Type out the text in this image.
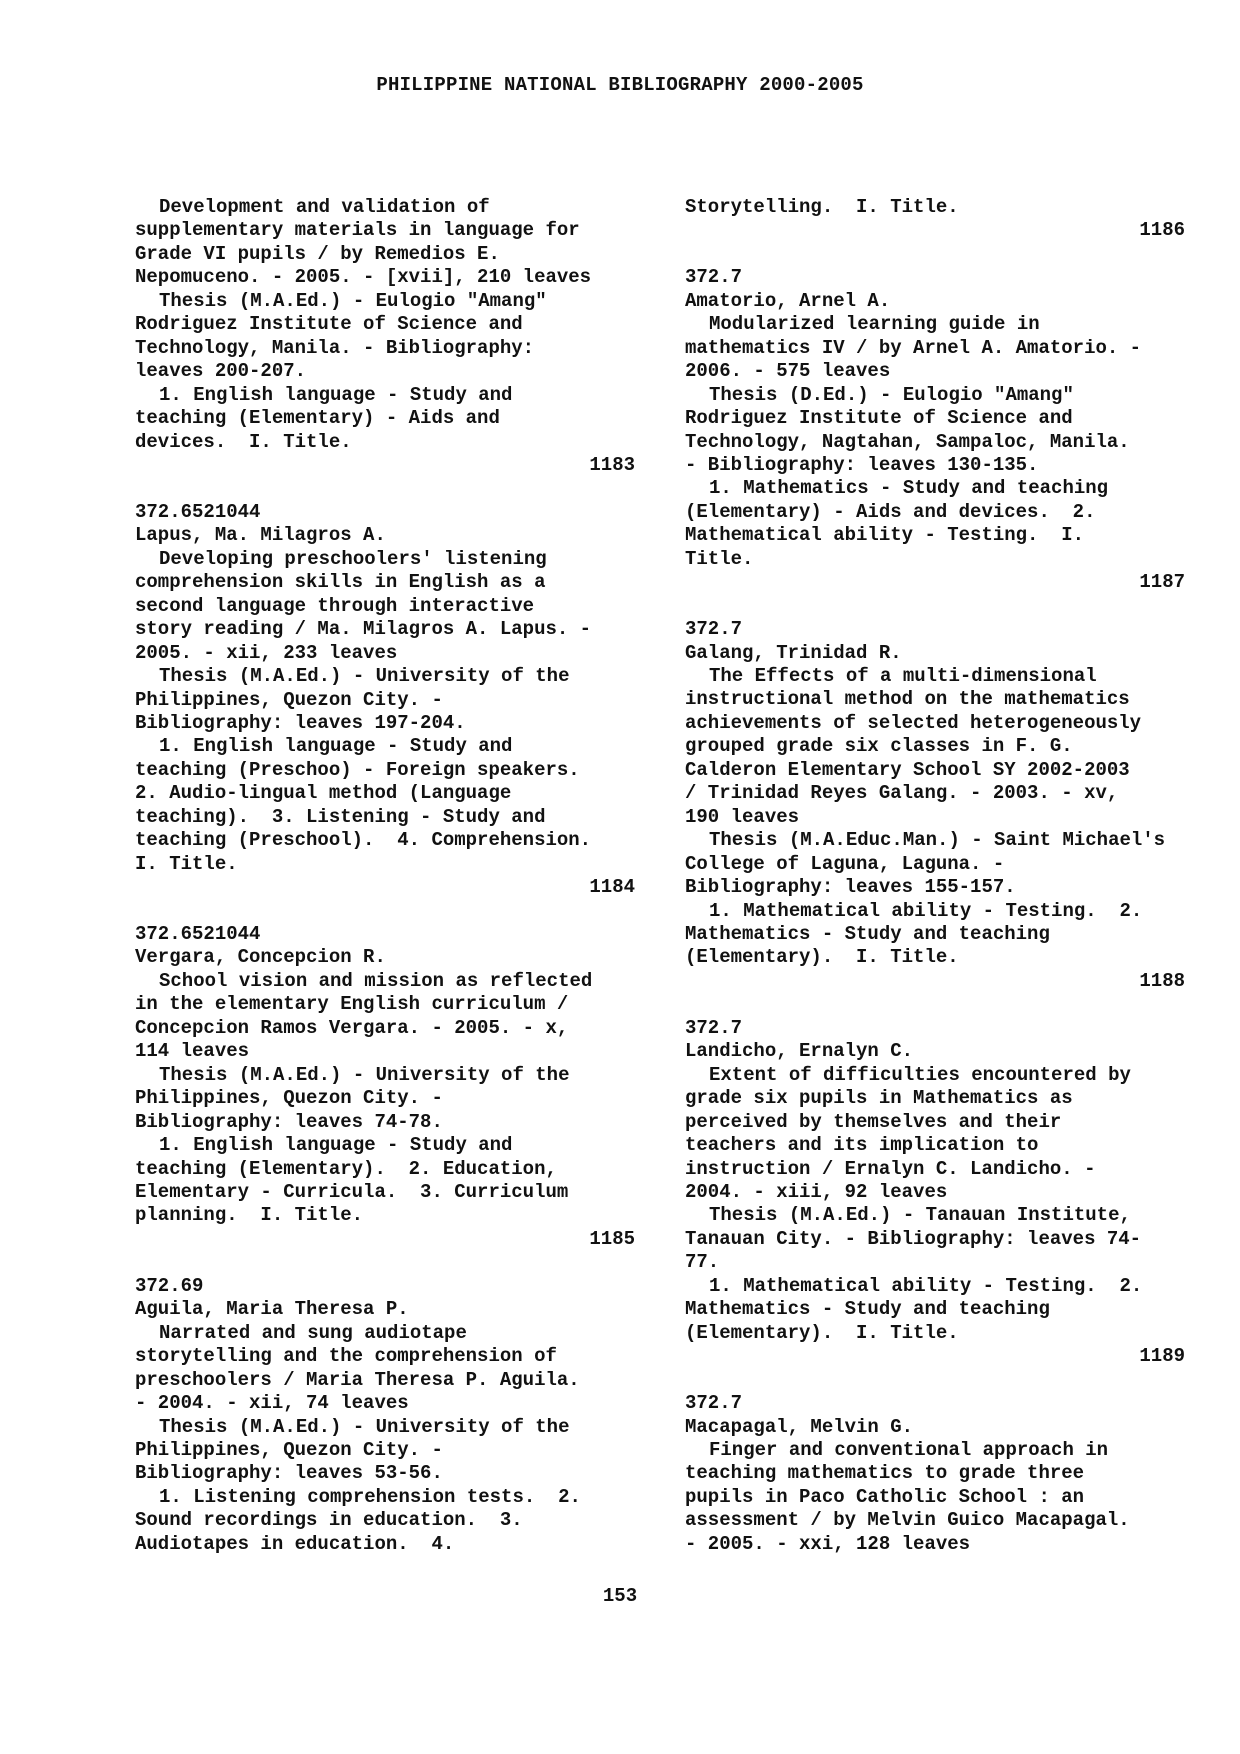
PHILIPPINE NATIONAL BIBLIOGRAPHY 2000-2005
Development and validation of
supplementary materials in language for
Grade VI pupils / by Remedios E.
Nepomuceno. - 2005. - [xvii], 210 leaves
Thesis (M.A.Ed.) - Eulogio "Amang"
Rodriguez Institute of Science and
Technology, Manila. - Bibliography:
leaves 200-207.
1. English language - Study and
teaching (Elementary) - Aids and
devices.  I. Title.
1183
372.6521044
Lapus, Ma. Milagros A.
Developing preschoolers' listening
comprehension skills in English as a
second language through interactive
story reading / Ma. Milagros A. Lapus. -
2005. - xii, 233 leaves
Thesis (M.A.Ed.) - University of the
Philippines, Quezon City. -
Bibliography: leaves 197-204.
1. English language - Study and
teaching (Preschoo) - Foreign speakers.
2. Audio-lingual method (Language
teaching).  3. Listening - Study and
teaching (Preschool).  4. Comprehension.
I. Title.
1184
372.6521044
Vergara, Concepcion R.
School vision and mission as reflected
in the elementary English curriculum /
Concepcion Ramos Vergara. - 2005. - x,
114 leaves
Thesis (M.A.Ed.) - University of the
Philippines, Quezon City. -
Bibliography: leaves 74-78.
1. English language - Study and
teaching (Elementary).  2. Education,
Elementary - Curricula.  3. Curriculum
planning.  I. Title.
1185
372.69
Aguila, Maria Theresa P.
Narrated and sung audiotape
storytelling and the comprehension of
preschoolers / Maria Theresa P. Aguila.
- 2004. - xii, 74 leaves
Thesis (M.A.Ed.) - University of the
Philippines, Quezon City. -
Bibliography: leaves 53-56.
1. Listening comprehension tests.  2.
Sound recordings in education.  3.
Audiotapes in education.  4.
Storytelling.  I. Title.
1186
372.7
Amatorio, Arnel A.
Modularized learning guide in
mathematics IV / by Arnel A. Amatorio. -
2006. - 575 leaves
Thesis (D.Ed.) - Eulogio "Amang"
Rodriguez Institute of Science and
Technology, Nagtahan, Sampaloc, Manila.
- Bibliography: leaves 130-135.
1. Mathematics - Study and teaching
(Elementary) - Aids and devices.  2.
Mathematical ability - Testing.  I.
Title.
1187
372.7
Galang, Trinidad R.
The Effects of a multi-dimensional
instructional method on the mathematics
achievements of selected heterogeneously
grouped grade six classes in F. G.
Calderon Elementary School SY 2002-2003
/ Trinidad Reyes Galang. - 2003. - xv,
190 leaves
Thesis (M.A.Educ.Man.) - Saint Michael's
College of Laguna, Laguna. -
Bibliography: leaves 155-157.
1. Mathematical ability - Testing.  2.
Mathematics - Study and teaching
(Elementary).  I. Title.
1188
372.7
Landicho, Ernalyn C.
Extent of difficulties encountered by
grade six pupils in Mathematics as
perceived by themselves and their
teachers and its implication to
instruction / Ernalyn C. Landicho. -
2004. - xiii, 92 leaves
Thesis (M.A.Ed.) - Tanauan Institute,
Tanauan City. - Bibliography: leaves 74-
77.
1. Mathematical ability - Testing.  2.
Mathematics - Study and teaching
(Elementary).  I. Title.
1189
372.7
Macapagal, Melvin G.
Finger and conventional approach in
teaching mathematics to grade three
pupils in Paco Catholic School : an
assessment / by Melvin Guico Macapagal.
- 2005. - xxi, 128 leaves
153
